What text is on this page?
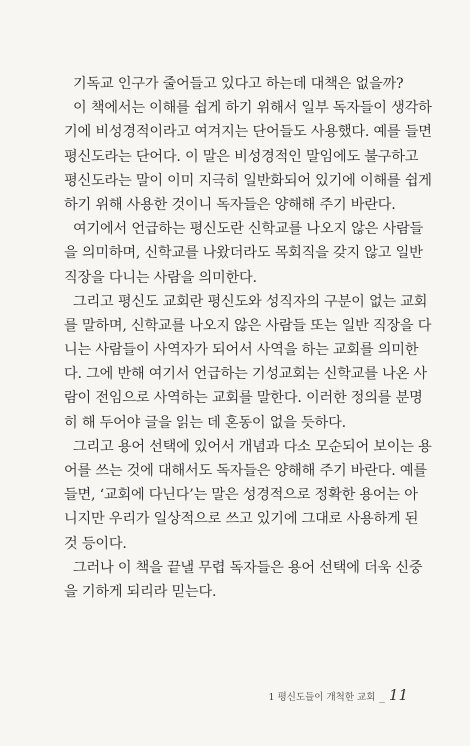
기독교 인구가 줄어들고 있다고 하는데 대책은 없을까?
이 책에서는 이해를 쉽게 하기 위해서 일부 독자들이 생각하
기에 비성경적이라고 여겨지는 단어들도 사용했다. 예를 들면
평신도라는 단어다. 이 말은 비성경적인 말임에도 불구하고
평신도라는 말이 이미 지극히 일반화되어 있기에 이해를 쉽게
하기 위해 사용한 것이니 독자들은 양해해 주기 바란다.
여기에서 언급하는 평신도란 신학교를 나오지 않은 사람들
을 의미하며, 신학교를 나왔더라도 목회직을 갖지 않고 일반
직장을 다니는 사람을 의미한다.
그리고 평신도 교회란 평신도와 성직자의 구분이 없는 교회
를 말하며, 신학교를 나오지 않은 사람들 또는 일반 직장을 다
니는 사람들이 사역자가 되어서 사역을 하는 교회를 의미한
다. 그에 반해 여기서 언급하는 기성교회는 신학교를 나온 사
람이 전임으로 사역하는 교회를 말한다. 이러한 정의를 분명
히 해 두어야 글을 읽는 데 혼동이 없을 듯하다.
그리고 용어 선택에 있어서 개념과 다소 모순되어 보이는 용
어를 쓰는 것에 대해서도 독자들은 양해해 주기 바란다. 예를
들면, ‘교회에 다닌다’는 말은 성경적으로 정확한 용어는 아
니지만 우리가 일상적으로 쓰고 있기에 그대로 사용하게 된
것 등이다.
그러나 이 책을 끝낼 무렵 독자들은 용어 선택에 더욱 신중
을 기하게 되리라 믿는다.
1 평신도들이 개척한 교회 _ 11
